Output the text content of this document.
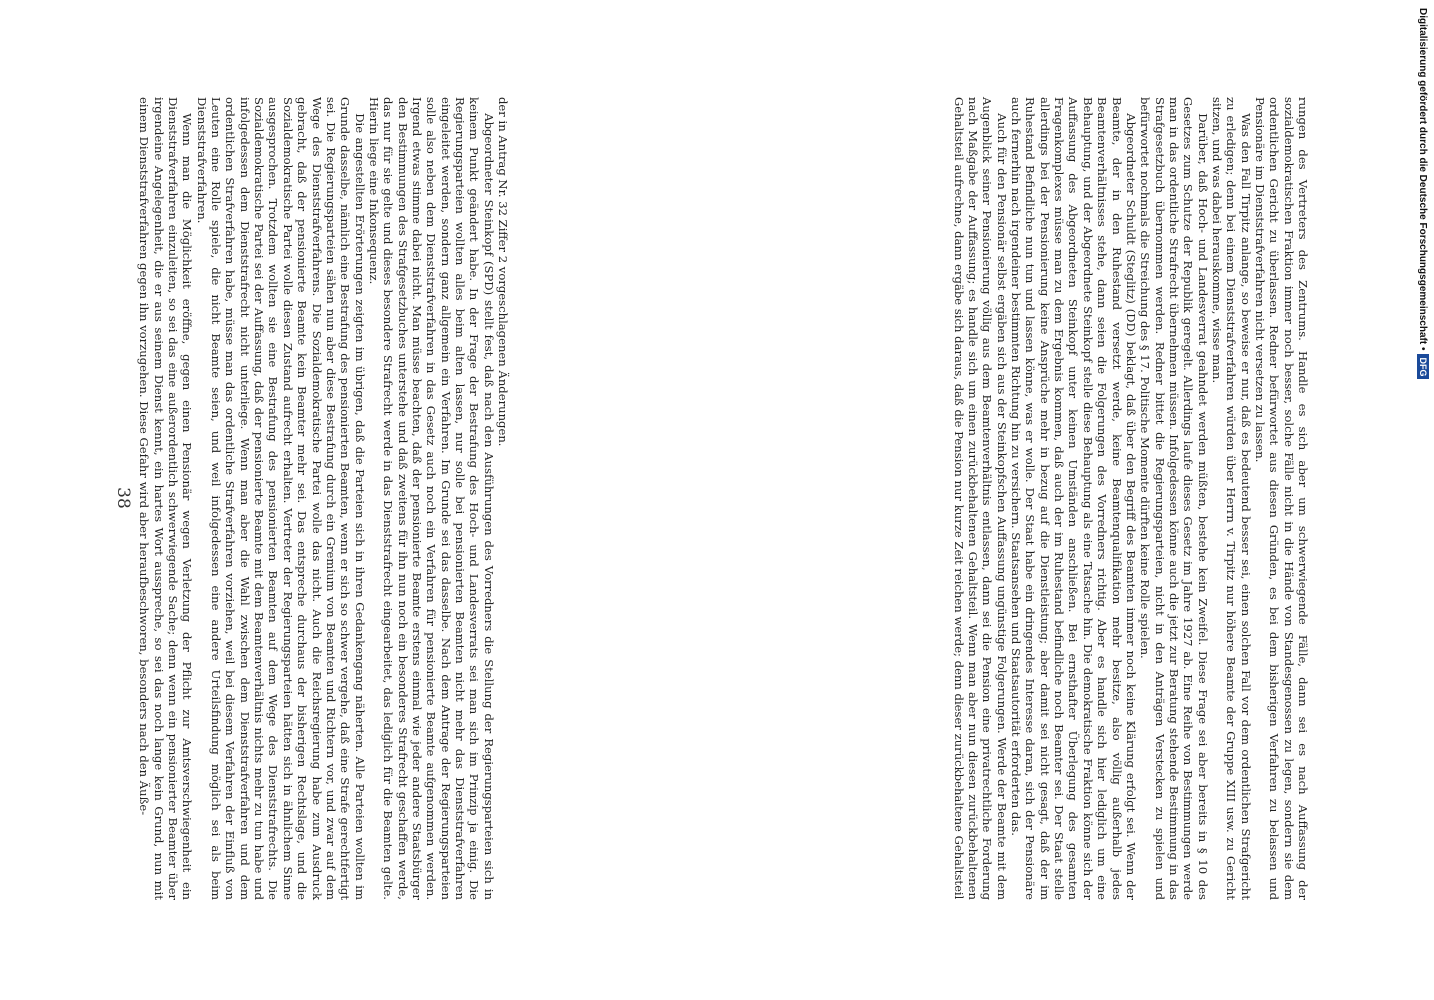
der in Antrag Nr. 32 Ziffer 2 vorgeschlagenen Änderungen.

Abgeordneter Steinkopf (SPD) stellt fest, daß nach den Ausführungen des Vorredners die Stellung der Regierungsparteien sich in keinem Punkt geändert habe. In der Frage der Bestrafung des Hoch- und Landesverrats sei man sich im Prinzip ja einig. Die Regierungsparteien wollten alles beim alten lassen, nur solle bei pensionierten Beamten nicht mehr das Dienststrafverfahren eingeleitet werden, sondern ganz allgemein ein Verfahren. Im Grunde sei das dasselbe. Nach dem Antrage der Regierungsparteien solle also neben dem Dienststrafverfahren in das Gesetz auch noch ein Verfahren für pensionierte Beamte aufgenommen werden. Irgend etwas stimme dabei nicht. Man müsse beachten, daß der pensionierte Beamte erstens einmal wie jeder andere Staatsbürger den Bestimmungen des Strafgesetzbuches unterstehe und daß zweitens für ihn nun noch ein besonderes Strafrecht geschaffen werde, das nur für sie gelte und dieses besondere Strafrecht werde in das Dienststrafrecht eingearbeitet, das lediglich für die Beamten gelte. Hierin liege eine Inkonsequenz.

Die angestellten Erörterungen zeigten im übrigen, daß die Parteien sich in ihren Gedankengang näherten. Alle Parteien wollten im Grunde dasselbe, nämlich eine Bestrafung des pensionierten Beamten, wenn er sich so schwer vergehe, daß eine Strafe gerechtfertigt sei. Die Regierungsparteien sähen nun aber diese Bestrafung durch ein Gremium von Beamten und Richtern vor, und zwar auf dem Wege des Dienststrafverfahrens. Die Sozialdemokratische Partei wolle das nicht. Auch die Reichsregierung habe zum Ausdruck gebracht, daß der pensionierte Beamte kein Beamter mehr sei. Das entspreche durchaus der bisherigen Rechtslage, und die Sozialdemokratische Partei wolle diesen Zustand aufrecht erhalten. Vertreter der Regierungsparteien hätten sich in ähnlichem Sinne ausgesprochen. Trotzdem wollten sie eine Bestrafung des pensionierten Beamten auf dem Wege des Dienststrafrechts. Die Sozialdemokratische Partei sei der Auffassung, daß der pensionierte Beamte mit dem Beamtenverhältnis nichts mehr zu tun habe und infolgedessen dem Dienststrafrecht nicht unterliege. Wenn man aber die Wahl zwischen dem Dienststrafverfahren und dem ordentlichen Strafverfahren habe, müsse man das ordentliche Strafverfahren vorziehen, weil bei diesem Verfahren der Einfluß von Leuten eine Rolle spiele, die nicht Beamte seien, und weil infolgedessen eine andere Urteilsfindung möglich sei als beim Dienststrafverfahren.

Wenn man die Möglichkeit eröffne, gegen einen Pensionär wegen Verletzung der Pflicht zur Amtsverschwiegenheit ein Dienststrafverfahren einzuleiten, so sei das eine außerordentlich schwerwiegende Sache; denn wenn ein pensionierter Beamter über irgendeine Angelegenheit, die er aus seinem Dienst kennt, ein hartes Wort ausspreche, so sei das noch lange kein Grund, nun mit einem Dienststrafverfahren gegen ihn vorzugehen. Diese Gefahr wird aber heraufbeschworen, besonders nach den Äuße-

38	rungen des Vertreters des Zentrums. Handle es sich aber um schwerwiegende Fälle, dann sei es nach Auffassung der sozialdemokratischen Fraktion immer noch besser, solche Fälle nicht in die Hände von Standesgenossen zu legen, sondern sie dem ordentlichen Gericht zu überlassen. Redner befürwortet aus diesen Gründen, es bei dem bisherigen Verfahren zu belassen und Pensionäre im Dienststrafverfahren nicht versetzen zu lassen.

Was den Fall Tirpitz anlange, so beweise er nur, daß es bedeutend besser sei, einen solchen Fall vor dem ordentlichen Strafgericht zu erledigen; denn bei einem Dienststrafverfahren würden über Herrn v. Tirpitz nur höhere Beamte der Gruppe XIII usw. zu Gericht sitzen, und was dabei herauskomme, wisse man.

Darüber, daß Hoch- und Landesverrat geahndet werden müßten, bestehe kein Zweifel. Diese Frage sei aber bereits in § 10 des Gesetzes zum Schutze der Republik geregelt. Allerdings laufe dieses Gesetz im Jahre 1927 ab. Eine Reihe von Bestimmungen werde man in das ordentliche Strafrecht übernehmen müssen. Infolgedessen könne auch die jetzt zur Beratung stehende Bestimmung in das Strafgesetzbuch übernommen werden. Redner bittet die Regierungsparteien, nicht in den Anträgen Verstecken zu spielen und befürwortet nochmals die Streichung des § 17. Politische Momente dürften keine Rolle spielen.

Abgeordneter Schuldt (Steglitz) (DD) beklagt, daß über den Begriff des Beamten immer noch keine Klärung erfolgt sei. Wenn der Beamte, der in den Ruhestand versetzt werde, keine Beamtenqualifikation mehr besitze, also völlig außerhalb jedes Beamtenverhältnisses stehe, dann seien die Folgerungen des Vorredners richtig. Aber es handle sich hier lediglich um eine Behauptung, und der Abgeordnete Steinkopf stelle diese Behauptung als eine Tatsache hin. Die demokratische Fraktion könne sich der Auffassung des Abgeordneten Steinkopf unter keinen Umständen anschließen. Bei ernsthafter Überlegung des gesamten Fragenkomplexes müsse man zu dem Ergebnis kommen, daß auch der im Ruhestand befindliche noch Beamter sei. Der Staat stelle allerdings bei der Pensionierung keine Ansprüche mehr in bezug auf die Dienstleistung; aber damit sei nicht gesagt, daß der im Ruhestand Befindliche nun tun und lassen könne, was er wolle. Der Staat habe ein dringendes Interesse daran, sich der Pensionäre auch fernerhin nach irgendeiner bestimmten Richtung hin zu versichern. Staatsansehen und Staatsautorität erforderten das.

Auch für den Pensionär selbst ergäben sich aus der Steinkopfschen Auffassung ungünstige Folgerungen. Werde der Beamte mit dem Augenblick seiner Pensionierung völlig aus dem Beamtenverhältnis entlassen, dann sei die Pension eine privatrechtliche Forderung nach Maßgabe der Auffassung; es handle sich um einen zurückbehaltenen Gehaltsteil. Wenn man aber nun diesen zurückbehaltenen Gehaltsteil aufrechne, dann ergäbe sich daraus, daß die Pension nur kurze Zeit reichen werde; denn dieser zurückbehaltene Gehaltsteil	Digitalisierung gefördert durch die Deutsche Forschungsgemeinschaft •
DFG
